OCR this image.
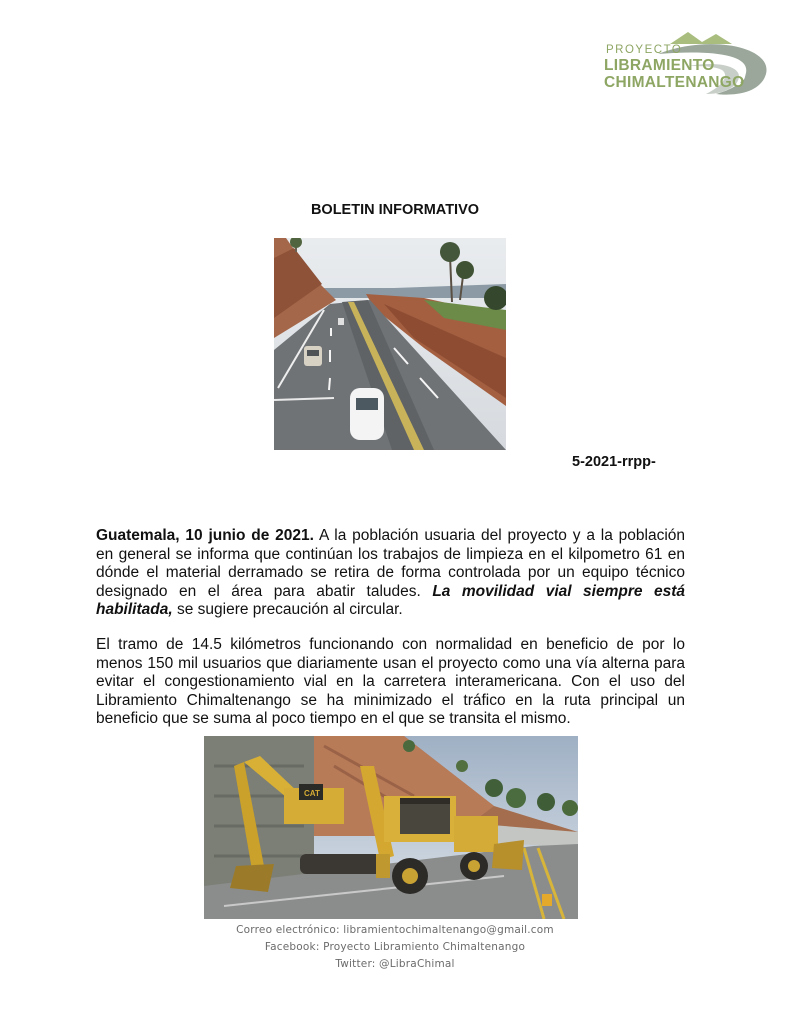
PROYECTO
LIBRAMIENTO
CHIMALTENANGO
BOLETIN INFORMATIVO
5-2021-rrpp-
Guatemala, 10 junio de 2021. A la población usuaria del proyecto y a la población en general se informa que continúan los trabajos de limpieza en el kilpometro 61 en dónde el material derramado se retira de forma controlada por un equipo técnico designado en el área para abatir taludes. La movilidad vial siempre está habilitada, se sugiere precaución al circular.
El tramo de 14.5 kilómetros funcionando con normalidad en beneficio de por lo menos 150 mil usuarios que diariamente usan el proyecto como una vía alterna para evitar el congestionamiento vial en la carretera interamericana. Con el uso del Libramiento Chimaltenango se ha minimizado el tráfico en la ruta principal un beneficio que se suma al poco tiempo en el que se transita el mismo.
CAT
Correo electrónico: libramientochimaltenango@gmail.com
Facebook: Proyecto Libramiento Chimaltenango
Twitter: @LibraChimal
